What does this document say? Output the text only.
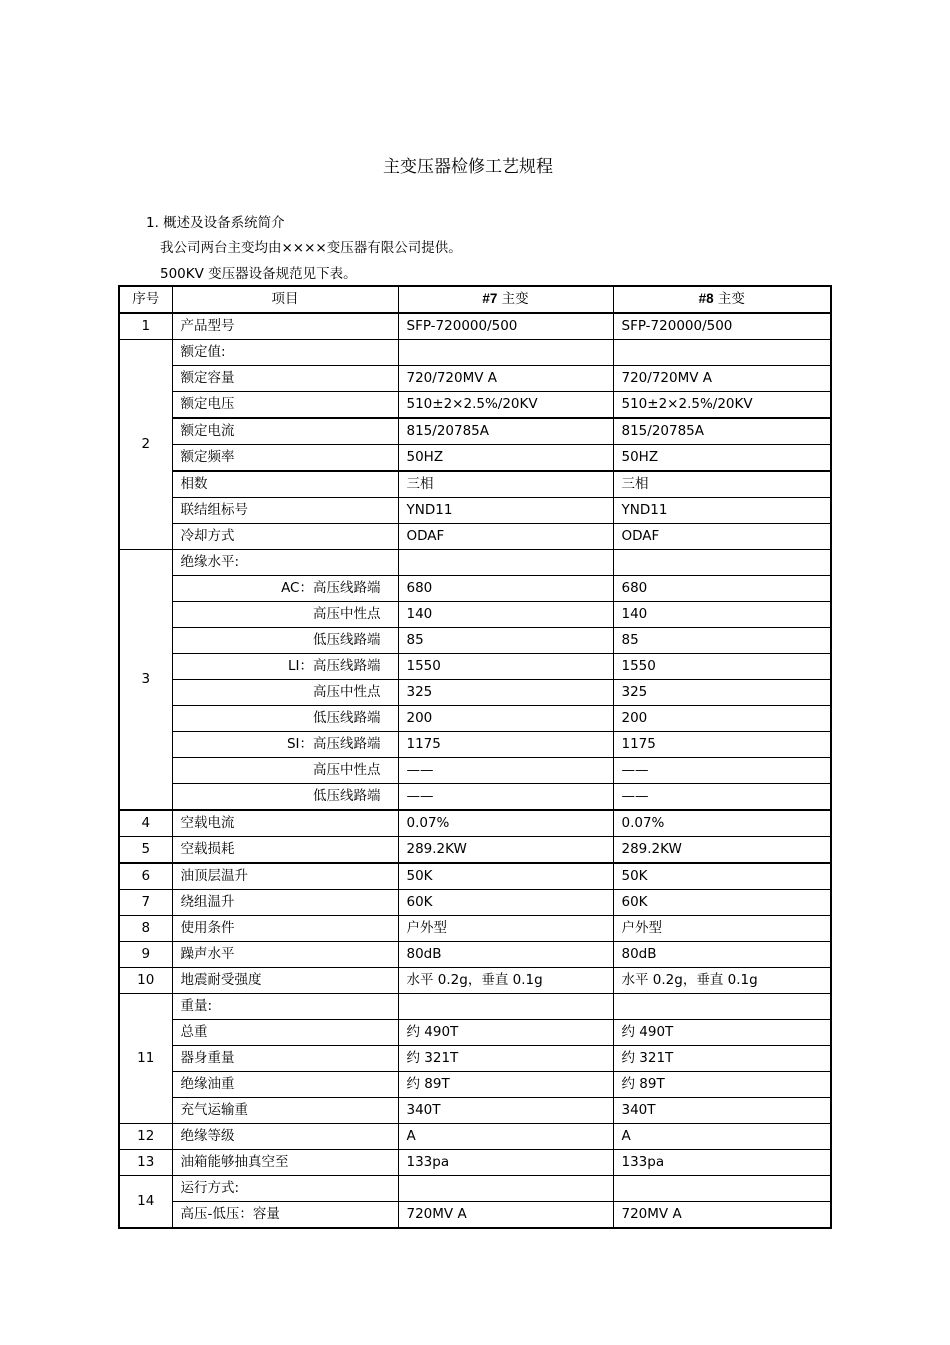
主变压器检修工艺规程
1. 概述及设备系统简介
我公司两台主变均由××××变压器有限公司提供。
500KV 变压器设备规范见下表。
序号	项目	#7 主变	#8 主变
1	产品型号	SFP-720000/500	SFP-720000/500
2	额定值:		
	额定容量	720/720MV A	720/720MV A
	额定电压	510±2×2.5%/20KV	510±2×2.5%/20KV
	额定电流	815/20785A	815/20785A
	额定频率	50HZ	50HZ
	相数	三相	三相
	联结组标号	YND11	YND11
	冷却方式	ODAF	ODAF
3	绝缘水平:		
	AC：高压线路端	680	680
	高压中性点	140	140
	低压线路端	85	85
	LI：高压线路端	1550	1550
	高压中性点	325	325
	低压线路端	200	200
	SI：高压线路端	1175	1175
	高压中性点	——	——
	低压线路端	——	——
4	空载电流	0.07%	0.07%
5	空载损耗	289.2KW	289.2KW
6	油顶层温升	50K	50K
7	绕组温升	60K	60K
8	使用条件	户外型	户外型
9	躁声水平	80dB	80dB
10	地震耐受强度	水平 0.2g，垂直 0.1g	水平 0.2g，垂直 0.1g
11	重量:		
	总重	约 490T	约 490T
	器身重量	约 321T	约 321T
	绝缘油重	约 89T	约 89T
	充气运输重	340T	340T
12	绝缘等级	A	A
13	油箱能够抽真空至	133pa	133pa
14	运行方式:		
	高压-低压：容量	720MV A	720MV A
